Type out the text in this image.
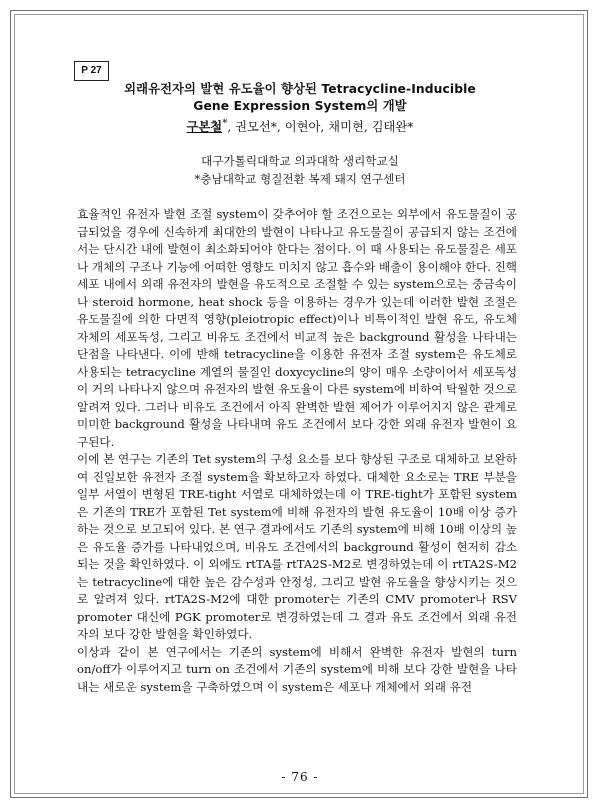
P 27
외래유전자의 발현 유도율이 향상된 Tetracycline-Inducible
Gene Expression System의 개발
구본철*, 권모선*, 이현아, 채미현, 김태완*
대구가톨릭대학교 의과대학 생리학교실
*충남대학교 형질전환 복제 돼지 연구센터

효율적인 유전자 발현 조절 system이 갖추어야 할 조건으로는 외부에서 유도물질이 공급되었을 경우에 신속하게 최대한의 발현이 나타나고 유도물질이 공급되지 않는 조건에서는 단시간 내에 발현이 최소화되어야 한다는 점이다. 이 때 사용되는 유도물질은 세포나 개체의 구조나 기능에 어떠한 영향도 미치지 않고 흡수와 배출이 용이해야 한다. 진핵세포 내에서 외래 유전자의 발현을 유도적으로 조절할 수 있는 system으로는 중금속이나 steroid hormone, heat shock 등을 이용하는 경우가 있는데 이러한 발현 조절은 유도물질에 의한 다면적 영향(pleiotropic effect)이나 비특이적인 발현 유도, 유도체 자체의 세포독성, 그리고 비유도 조건에서 비교적 높은 background 활성을 나타내는 단점을 나타낸다. 이에 반해 tetracycline을 이용한 유전자 조절 system은 유도체로 사용되는 tetracycline 계열의 물질인 doxycycline의 양이 매우 소량이어서 세포독성이 거의 나타나지 않으며 유전자의 발현 유도율이 다른 system에 비하여 탁월한 것으로 알려져 있다. 그러나 비유도 조건에서 아직 완벽한 발현 제어가 이루어지지 않은 관계로 미미한 background 활성을 나타내며 유도 조건에서 보다 강한 외래 유전자 발현이 요구된다.

이에 본 연구는 기존의 Tet system의 구성 요소를 보다 향상된 구조로 대체하고 보완하여 진일보한 유전자 조절 system을 확보하고자 하였다. 대체한 요소로는 TRE 부분을 일부 서열이 변형된 TRE-tight 서열로 대체하였는데 이 TRE-tight가 포함된 system은 기존의 TRE가 포함된 Tet system에 비해 유전자의 발현 유도율이 10배 이상 증가하는 것으로 보고되어 있다. 본 연구 결과에서도 기존의 system에 비해 10배 이상의 높은 유도율 증가를 나타내었으며, 비유도 조건에서의 background 활성이 현저히 감소되는 것을 확인하였다. 이 외에도 rtTA를 rtTA2S-M2로 변경하였는데 이 rtTA2S-M2는 tetracycline에 대한 높은 감수성과 안정성, 그리고 발현 유도율을 향상시키는 것으로 알려져 있다. rtTA2S-M2에 대한 promoter는 기존의 CMV promoter나 RSV promoter 대신에 PGK promoter로 변경하였는데 그 결과 유도 조건에서 외래 유전자의 보다 강한 발현을 확인하였다.

이상과 같이 본 연구에서는 기존의 system에 비해서 완벽한 유전자 발현의 turn on/off가 이루어지고 turn on 조건에서 기존의 system에 비해 보다 강한 발현을 나타내는 새로운 system을 구축하였으며 이 system은 세포나 개체에서 외래 유전

- 76 -
